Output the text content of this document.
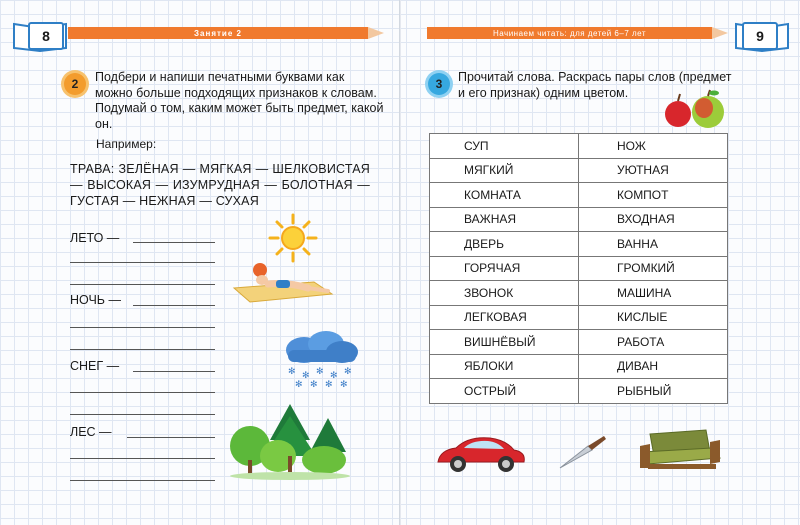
8	Занятие 2
2	Подбери и напиши печатными буквами как можно больше подходящих признаков к словам. Подумай о том, каким может быть предмет, какой он.
Например:
ТРАВА: ЗЕЛЁНАЯ — МЯГКАЯ — ШЕЛКОВИСТАЯ — ВЫСОКАЯ — ИЗУМРУДНАЯ — БОЛОТНАЯ — ГУСТАЯ — НЕЖНАЯ — СУХАЯ
ЛЕТО —
НОЧЬ —
СНЕГ —
ЛЕС —
✻ ✻ ✻ ✻ ✻
✻ ✻ ✻ ✻
Начинаем читать: для детей 6–7 лет	9
3	Прочитай слова. Раскрась пары слов (предмет и его признак) одним цветом.
СУП	НОЖ
МЯГКИЙ	УЮТНАЯ
КОМНАТА	КОМПОТ
ВАЖНАЯ	ВХОДНАЯ
ДВЕРЬ	ВАННА
ГОРЯЧАЯ	ГРОМКИЙ
ЗВОНОК	МАШИНА
ЛЕГКОВАЯ	КИСЛЫЕ
ВИШНЁВЫЙ	РАБОТА
ЯБЛОКИ	ДИВАН
ОСТРЫЙ	РЫБНЫЙ
